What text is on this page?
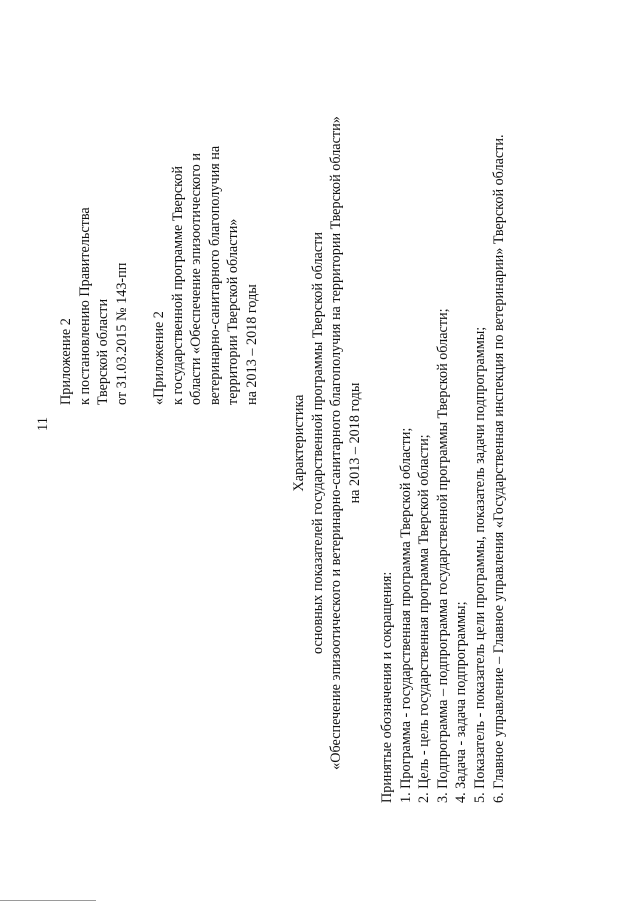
11
Приложение 2 к постановлению Правительства Тверской области от 31.03.2015 № 143-пп «Приложение 2 к государственной программе Тверской области «Обеспечение эпизоотического и ветеринарно-санитарного благополучия на территории Тверской области» на 2013 – 2018 годы
Характеристика основных показателей государственной программы Тверской области «Обеспечение эпизоотического и ветеринарно-санитарного благополучия на территории Тверской области» на 2013 – 2018 годы
Принятые обозначения и сокращения: 1. Программа - государственная программа Тверской области; 2. Цель - цель государственная программа Тверской области; 3. Подпрограмма – подпрограмма государственной программы Тверской области; 4. Задача - задача подпрограммы; 5. Показатель - показатель цели программы, показатель задачи подпрограммы; 6. Главное управление – Главное управления «Государственная инспекция по ветеринарии» Тверской области.
